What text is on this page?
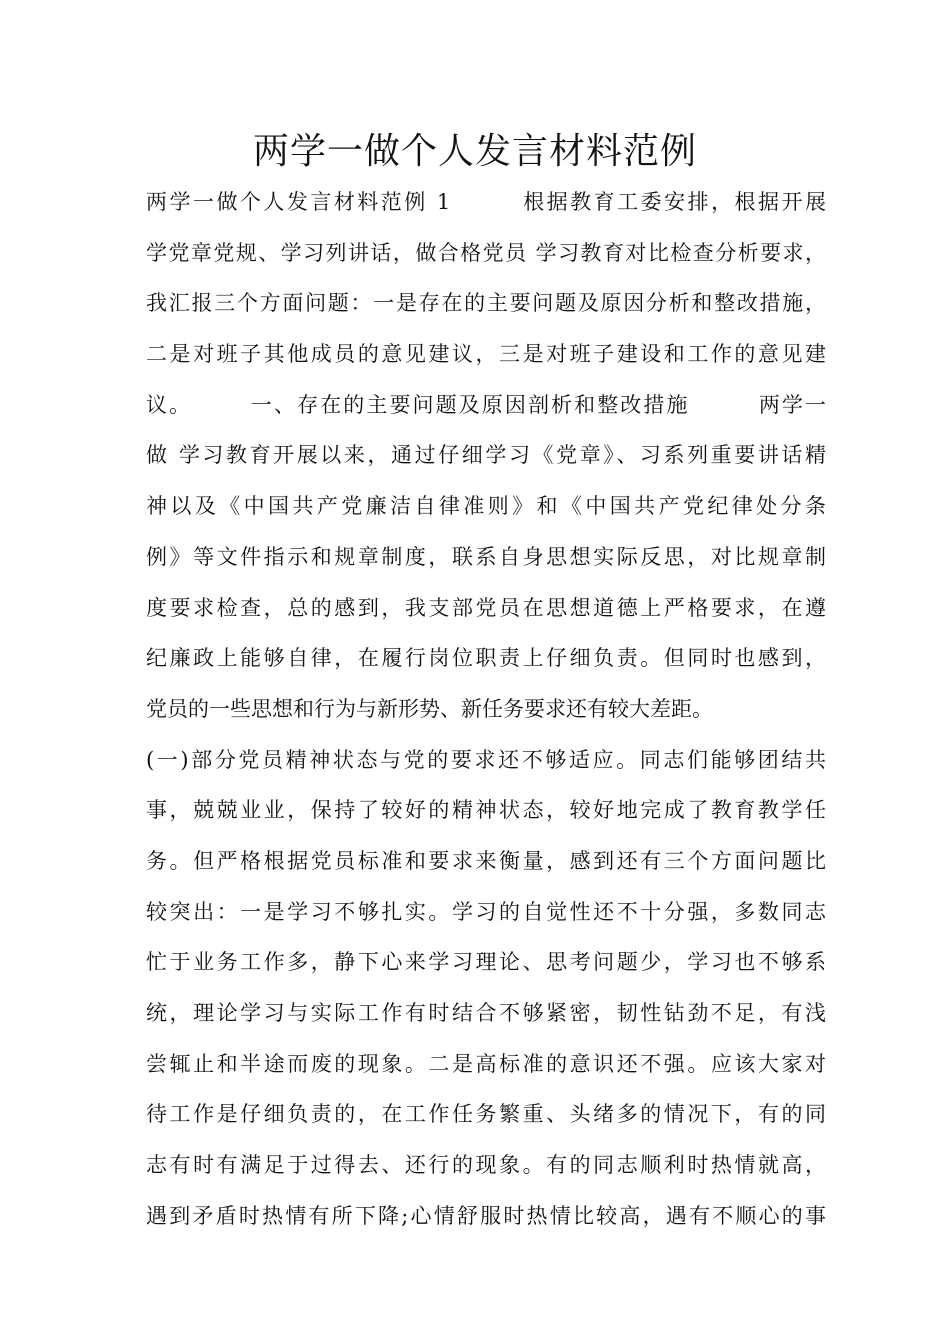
两学一做个人发言材料范例
两学一做个人发言材料范例 1　　　根据教育工委安排，根据开展
学党章党规、学习列讲话，做合格党员 学习教育对比检查分析要求，
我汇报三个方面问题：一是存在的主要问题及原因分析和整改措施，
二是对班子其他成员的意见建议，三是对班子建设和工作的意见建
议。　　　一、存在的主要问题及原因剖析和整改措施　　　两学一
做 学习教育开展以来，通过仔细学习《党章》、习系列重要讲话精
神以及《中国共产党廉洁自律准则》和《中国共产党纪律处分条
例》等文件指示和规章制度，联系自身思想实际反思，对比规章制
度要求检查，总的感到，我支部党员在思想道德上严格要求，在遵
纪廉政上能够自律，在履行岗位职责上仔细负责。但同时也感到，
党员的一些思想和行为与新形势、新任务要求还有较大差距。
(一)部分党员精神状态与党的要求还不够适应。同志们能够团结共
事，兢兢业业，保持了较好的精神状态，较好地完成了教育教学任
务。但严格根据党员标准和要求来衡量，感到还有三个方面问题比
较突出：一是学习不够扎实。学习的自觉性还不十分强，多数同志
忙于业务工作多，静下心来学习理论、思考问题少，学习也不够系
统，理论学习与实际工作有时结合不够紧密，韧性钻劲不足，有浅
尝辄止和半途而废的现象。二是高标准的意识还不强。应该大家对
待工作是仔细负责的，在工作任务繁重、头绪多的情况下，有的同
志有时有满足于过得去、还行的现象。有的同志顺利时热情就高，
遇到矛盾时热情有所下降;心情舒服时热情比较高，遇有不顺心的事
